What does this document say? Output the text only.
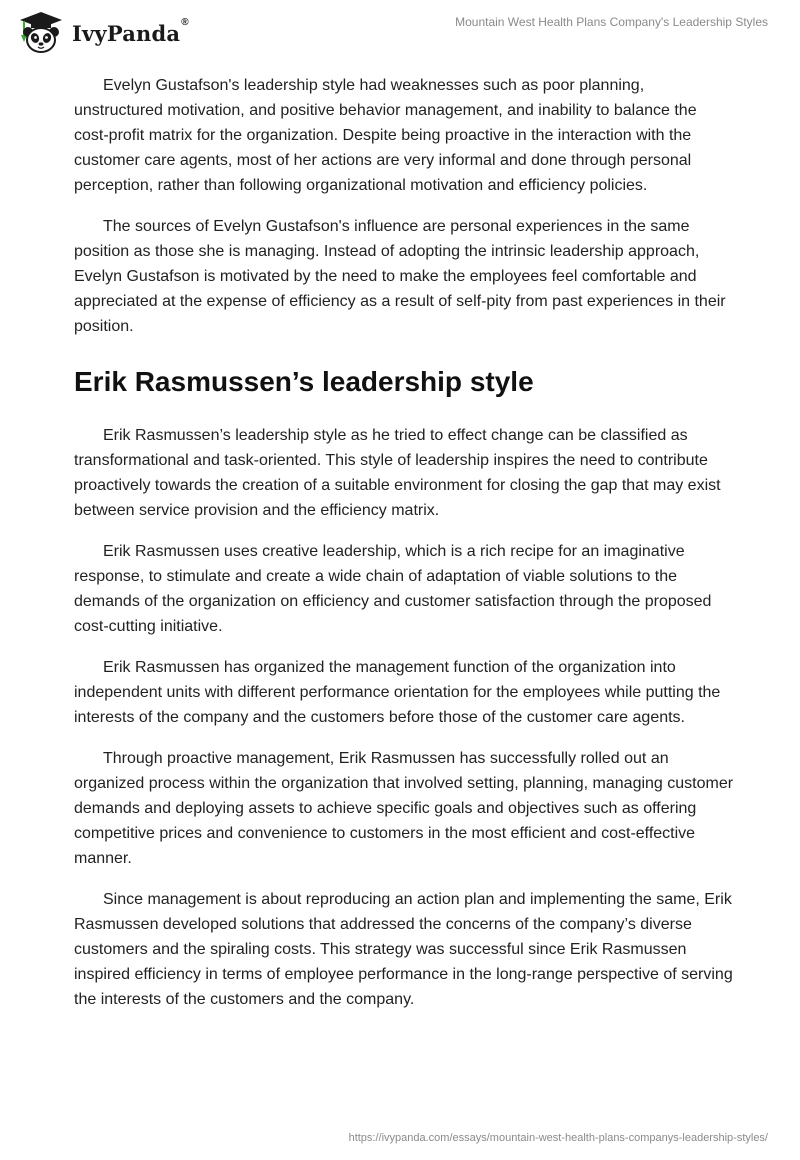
IvyPanda®	Mountain West Health Plans Company's Leadership Styles

Evelyn Gustafson's leadership style had weaknesses such as poor planning, unstructured motivation, and positive behavior management, and inability to balance the cost-profit matrix for the organization. Despite being proactive in the interaction with the customer care agents, most of her actions are very informal and done through personal perception, rather than following organizational motivation and efficiency policies.

The sources of Evelyn Gustafson's influence are personal experiences in the same position as those she is managing. Instead of adopting the intrinsic leadership approach, Evelyn Gustafson is motivated by the need to make the employees feel comfortable and appreciated at the expense of efficiency as a result of self-pity from past experiences in their position.

Erik Rasmussen’s leadership style

Erik Rasmussen’s leadership style as he tried to effect change can be classified as transformational and task-oriented. This style of leadership inspires the need to contribute proactively towards the creation of a suitable environment for closing the gap that may exist between service provision and the efficiency matrix.

Erik Rasmussen uses creative leadership, which is a rich recipe for an imaginative response, to stimulate and create a wide chain of adaptation of viable solutions to the demands of the organization on efficiency and customer satisfaction through the proposed cost-cutting initiative.

Erik Rasmussen has organized the management function of the organization into independent units with different performance orientation for the employees while putting the interests of the company and the customers before those of the customer care agents.

Through proactive management, Erik Rasmussen has successfully rolled out an organized process within the organization that involved setting, planning, managing customer demands and deploying assets to achieve specific goals and objectives such as offering competitive prices and convenience to customers in the most efficient and cost-effective manner.

Since management is about reproducing an action plan and implementing the same, Erik Rasmussen developed solutions that addressed the concerns of the company’s diverse customers and the spiraling costs. This strategy was successful since Erik Rasmussen inspired efficiency in terms of employee performance in the long-range perspective of serving the interests of the customers and the company.

https://ivypanda.com/essays/mountain-west-health-plans-companys-leadership-styles/
